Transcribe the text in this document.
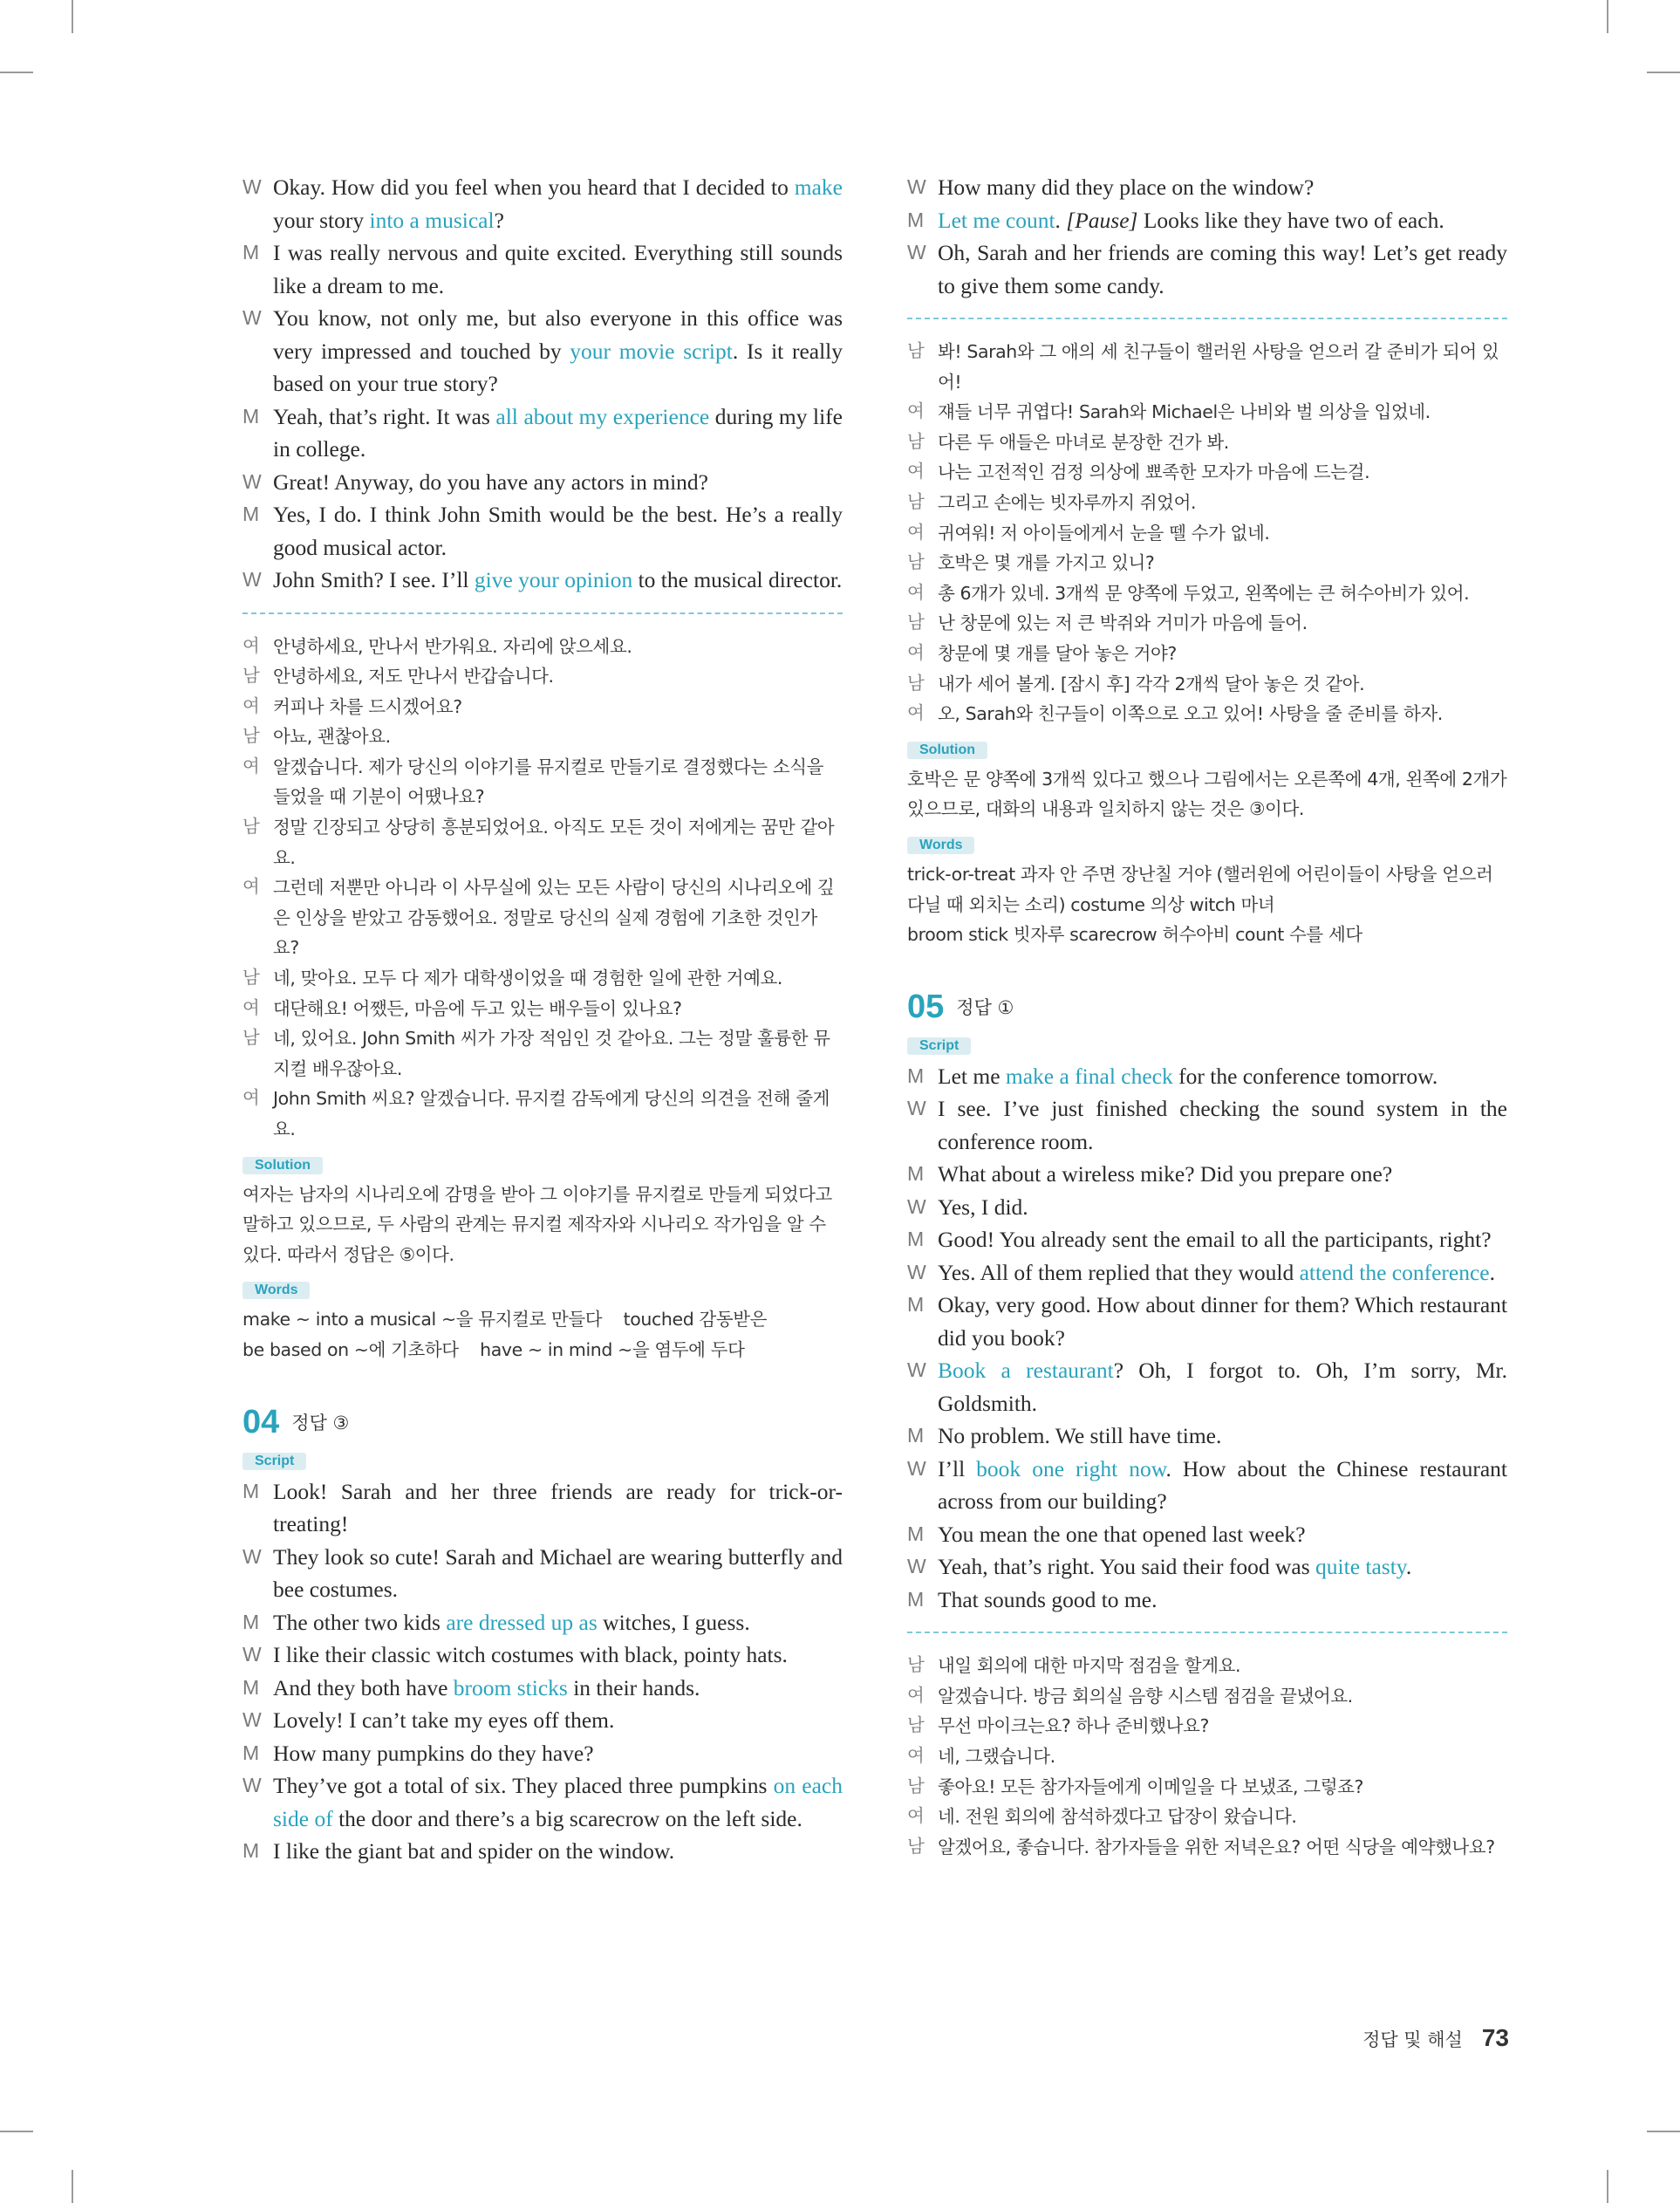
W Okay. How did you feel when you heard that I decided to make your story into a musical?
M I was really nervous and quite excited. Everything still sounds like a dream to me.
W You know, not only me, but also everyone in this office was very impressed and touched by your movie script. Is it really based on your true story?
M Yeah, that’s right. It was all about my experience during my life in college.
W Great! Anyway, do you have any actors in mind?
M Yes, I do. I think John Smith would be the best. He’s a really good musical actor.
W John Smith? I see. I’ll give your opinion to the musical director.
여 안녕하세요, 만나서 반가워요. 자리에 앉으세요.
남 안녕하세요, 저도 만나서 반갑습니다.
여 커피나 차를 드시겠어요?
남 아뇨, 괜찮아요.
여 알겠습니다. 제가 당신의 이야기를 뮤지컬로 만들기로 결정했다는 소식을 들었을 때 기분이 어땠나요?
남 정말 긴장되고 상당히 흥분되었어요. 아직도 모든 것이 저에게는 꿈만 같아요.
여 그런데 저뿐만 아니라 이 사무실에 있는 모든 사람이 당신의 시나리오에 깊은 인상을 받았고 감동했어요. 정말로 당신의 실제 경험에 기초한 것인가요?
남 네, 맞아요. 모두 다 제가 대학생이었을 때 경험한 일에 관한 거예요.
여 대단해요! 어쨌든, 마음에 두고 있는 배우들이 있나요?
남 네, 있어요. John Smith 씨가 가장 적임인 것 같아요. 그는 정말 훌륭한 뮤지컬 배우잖아요.
여 John Smith 씨요? 알겠습니다. 뮤지컬 감독에게 당신의 의견을 전해 줄게요.
Solution
여자는 남자의 시나리오에 감명을 받아 그 이야기를 뮤지컬로 만들게 되었다고 말하고 있으므로, 두 사람의 관계는 뮤지컬 제작자와 시나리오 작가임을 알 수 있다. 따라서 정답은 ⑤이다.
Words
make ~ into a musical ~을 뮤지컬로 만들다    touched 감동받은
be based on ~에 기초하다    have ~ in mind ~을 염두에 두다
04 정답 ③
Script
M Look! Sarah and her three friends are ready for trick-or-treating!
W They look so cute! Sarah and Michael are wearing butterfly and bee costumes.
M The other two kids are dressed up as witches, I guess.
W I like their classic witch costumes with black, pointy hats.
M And they both have broom sticks in their hands.
W Lovely! I can’t take my eyes off them.
M How many pumpkins do they have?
W They’ve got a total of six. They placed three pumpkins on each side of the door and there’s a big scarecrow on the left side.
M I like the giant bat and spider on the window.
W How many did they place on the window?
M Let me count. [Pause] Looks like they have two of each.
W Oh, Sarah and her friends are coming this way! Let’s get ready to give them some candy.
남 봐! Sarah와 그 애의 세 친구들이 핼러윈 사탕을 얻으러 갈 준비가 되어 있어!
여 쟤들 너무 귀엽다! Sarah와 Michael은 나비와 벌 의상을 입었네.
남 다른 두 애들은 마녀로 분장한 건가 봐.
여 나는 고전적인 검정 의상에 뾰족한 모자가 마음에 드는걸.
남 그리고 손에는 빗자루까지 쥐었어.
여 귀여워! 저 아이들에게서 눈을 뗄 수가 없네.
남 호박은 몇 개를 가지고 있니?
여 총 6개가 있네. 3개씩 문 양쪽에 두었고, 왼쪽에는 큰 허수아비가 있어.
남 난 창문에 있는 저 큰 박쥐와 거미가 마음에 들어.
여 창문에 몇 개를 달아 놓은 거야?
남 내가 세어 볼게. [잠시 후] 각각 2개씩 달아 놓은 것 같아.
여 오, Sarah와 친구들이 이쪽으로 오고 있어! 사탕을 줄 준비를 하자.
Solution
호박은 문 양쪽에 3개씩 있다고 했으나 그림에서는 오른쪽에 4개, 왼쪽에 2개가 있으므로, 대화의 내용과 일치하지 않는 것은 ③이다.
Words
trick-or-treat 과자 안 주면 장난칠 거야 (핼러윈에 어린이들이 사탕을 얻으러 다닐 때 외치는 소리) costume 의상 witch 마녀
broom stick 빗자루 scarecrow 허수아비 count 수를 세다
05 정답 ①
Script
M Let me make a final check for the conference tomorrow.
W I see. I’ve just finished checking the sound system in the conference room.
M What about a wireless mike? Did you prepare one?
W Yes, I did.
M Good! You already sent the email to all the participants, right?
W Yes. All of them replied that they would attend the conference.
M Okay, very good. How about dinner for them? Which restaurant did you book?
W Book a restaurant? Oh, I forgot to. Oh, I’m sorry, Mr. Goldsmith.
M No problem. We still have time.
W I’ll book one right now. How about the Chinese restaurant across from our building?
M You mean the one that opened last week?
W Yeah, that’s right. You said their food was quite tasty.
M That sounds good to me.
남 내일 회의에 대한 마지막 점검을 할게요.
여 알겠습니다. 방금 회의실 음향 시스템 점검을 끝냈어요.
남 무선 마이크는요? 하나 준비했나요?
여 네, 그랬습니다.
남 좋아요! 모든 참가자들에게 이메일을 다 보냈죠, 그렇죠?
여 네. 전원 회의에 참석하겠다고 답장이 왔습니다.
남 알겠어요, 좋습니다. 참가자들을 위한 저녁은요? 어떤 식당을 예약했나요?
정답 및 해설 73
